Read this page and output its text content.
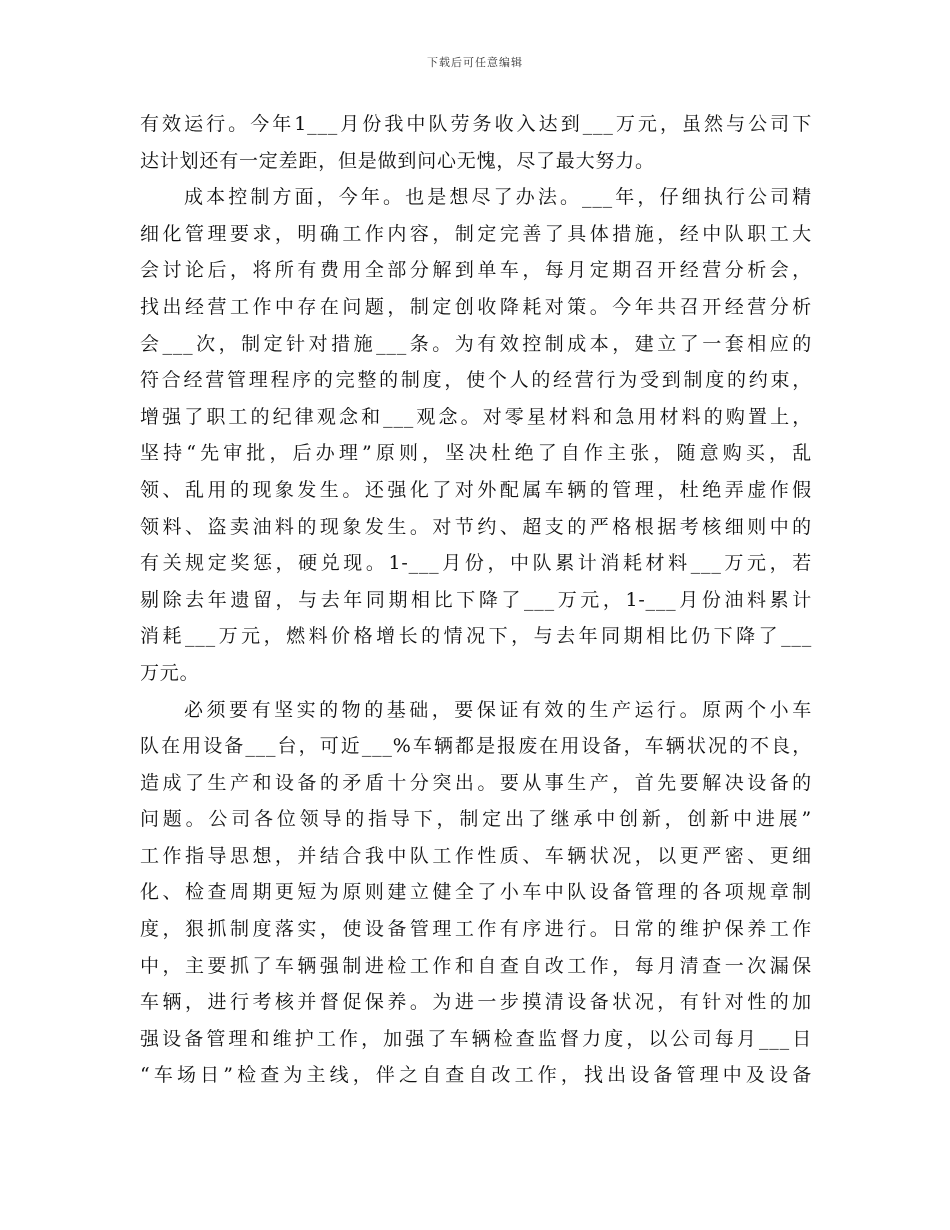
下载后可任意编辑
有效运行。今年1___月份我中队劳务收入达到___万元，虽然与公司下
达计划还有一定差距，但是做到问心无愧，尽了最大努力。
成本控制方面，今年。也是想尽了办法。___年，仔细执行公司精
细化管理要求，明确工作内容，制定完善了具体措施，经中队职工大
会讨论后，将所有费用全部分解到单车，每月定期召开经营分析会，
找出经营工作中存在问题，制定创收降耗对策。今年共召开经营分析
会___次，制定针对措施___条。为有效控制成本，建立了一套相应的
符合经营管理程序的完整的制度，使个人的经营行为受到制度的约束，
增强了职工的纪律观念和___观念。对零星材料和急用材料的购置上，
坚持“先审批，后办理”原则，坚决杜绝了自作主张，随意购买，乱
领、乱用的现象发生。还强化了对外配属车辆的管理，杜绝弄虚作假
领料、盗卖油料的现象发生。对节约、超支的严格根据考核细则中的
有关规定奖惩，硬兑现。1-___月份，中队累计消耗材料___万元，若
剔除去年遗留，与去年同期相比下降了___万元，1-___月份油料累计
消耗___万元，燃料价格增长的情况下，与去年同期相比仍下降了___
万元。
必须要有坚实的物的基础，要保证有效的生产运行。原两个小车
队在用设备___台，可近___%车辆都是报废在用设备，车辆状况的不良，
造成了生产和设备的矛盾十分突出。要从事生产，首先要解决设备的
问题。公司各位领导的指导下，制定出了继承中创新，创新中进展”
工作指导思想，并结合我中队工作性质、车辆状况，以更严密、更细
化、检查周期更短为原则建立健全了小车中队设备管理的各项规章制
度，狠抓制度落实，使设备管理工作有序进行。日常的维护保养工作
中，主要抓了车辆强制进检工作和自查自改工作，每月清查一次漏保
车辆，进行考核并督促保养。为进一步摸清设备状况，有针对性的加
强设备管理和维护工作，加强了车辆检查监督力度，以公司每月___日
“车场日”检查为主线，伴之自查自改工作，找出设备管理中及设备
